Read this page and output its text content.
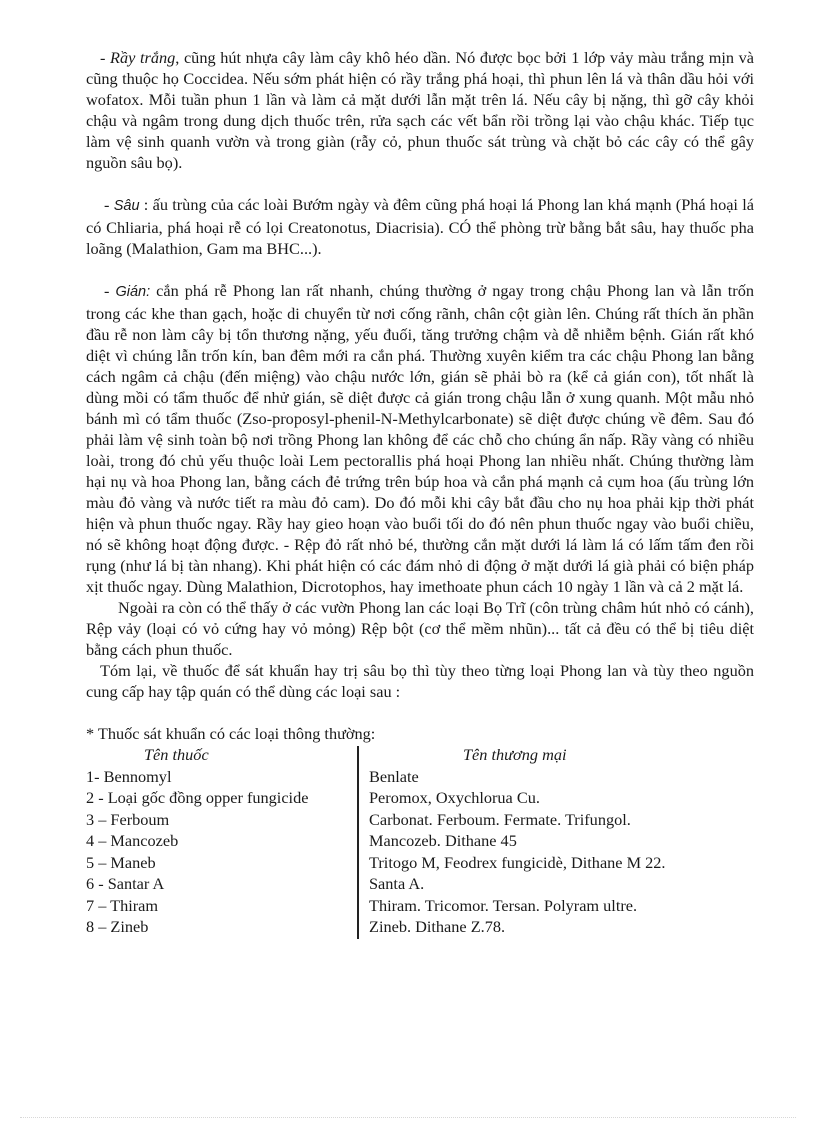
- Rầy trắng, cũng hút nhựa cây làm cây khô héo dần. Nó được bọc bởi 1 lớp vảy màu trắng mịn và cũng thuộc họ Coccidea. Nếu sớm phát hiện có rầy trắng phá hoại, thì phun lên lá và thân dầu hỏi với wofatox. Mỗi tuần phun 1 lần và làm cả mặt dưới lẫn mặt trên lá. Nếu cây bị nặng, thì gỡ cây khỏi chậu và ngâm trong dung dịch thuốc trên, rửa sạch các vết bẩn rồi trồng lại vào chậu khác. Tiếp tục làm vệ sinh quanh vườn và trong giàn (rẫy cỏ, phun thuốc sát trùng và chặt bỏ các cây có thể gây nguồn sâu bọ).

- Sâu : ấu trùng của các loài Bướm ngày và đêm cũng phá hoại lá Phong lan khá mạnh (Phá hoại lá có Chliaria, phá hoại rễ có lọi Creatonotus, Diacrisia). CÓ thể phòng trừ bằng bắt sâu, hay thuốc pha loãng (Malathion, Gam ma BHC...).

- Gián: cắn phá rễ Phong lan rất nhanh, chúng thường ở ngay trong chậu Phong lan và lẫn trốn trong các khe than gạch, hoặc di chuyển từ nơi cống rãnh, chân cột giàn lên. Chúng rất thích ăn phần đầu rễ non làm cây bị tổn thương nặng, yếu đuối, tăng trưởng chậm và dễ nhiễm bệnh. Gián rất khó diệt vì chúng lẫn trốn kín, ban đêm mới ra cắn phá. Thường xuyên kiểm tra các chậu Phong lan bằng cách ngâm cả chậu (đến miệng) vào chậu nước lớn, gián sẽ phải bò ra (kể cả gián con), tốt nhất là dùng mồi có tẩm thuốc để nhử gián, sẽ diệt được cả gián trong chậu lẫn ở xung quanh. Một mẫu nhỏ bánh mì có tẩm thuốc (Zso-proposyl-phenil-N-Methylcarbonate) sẽ diệt được chúng về đêm. Sau đó phải làm vệ sinh toàn bộ nơi trồng Phong lan không để các chỗ cho chúng ẩn nấp. Rầy vàng có nhiều loài, trong đó chủ yếu thuộc loài Lem pectorallis phá hoại Phong lan nhiều nhất. Chúng thường làm hại nụ và hoa Phong lan, bằng cách đẻ trứng trên búp hoa và cắn phá mạnh cả cụm hoa (ấu trùng lớn màu đỏ vàng và nước tiết ra màu đỏ cam). Do đó mỗi khi cây bắt đầu cho nụ hoa phải kịp thời phát hiện và phun thuốc ngay. Rầy hay gieo hoạn vào buổi tối do đó nên phun thuốc ngay vào buổi chiều, nó sẽ không hoạt động được. - Rệp đỏ rất nhỏ bé, thường cắn mặt dưới lá làm lá có lấm tấm đen rồi rụng (như lá bị tàn nhang). Khi phát hiện có các đám nhỏ di động ở mặt dưới lá già phải có biện pháp xịt thuốc ngay. Dùng Malathion, Dicrotophos, hay imethoate phun cách 10 ngày 1 lần và cả 2 mặt lá.

Ngoài ra còn có thể thấy ở các vườn Phong lan các loại Bọ Trĩ (côn trùng châm hút nhỏ có cánh), Rệp vảy (loại có vỏ cứng hay vỏ mỏng) Rệp bột (cơ thể mềm nhũn)... tất cả đều có thể bị tiêu diệt bằng cách phun thuốc.

Tóm lại, về thuốc để sát khuẩn hay trị sâu bọ thì tùy theo từng loại Phong lan và tùy theo nguồn cung cấp hay tập quán có thể dùng các loại sau :

* Thuốc sát khuẩn có các loại thông thường:

Tên thuốc	Tên thương mại
1- Bennomyl	Benlate
2 - Loại gốc đồng opper fungicide	Peromox, Oxychlorua Cu.
3 – Ferboum	Carbonat. Ferboum. Fermate. Trifungol.
4 – Mancozeb	Mancozeb. Dithane 45
5 – Maneb	Tritogo M, Feodrex fungicidè, Dithane M 22.
6 - Santar A	Santa A.
7 – Thiram	Thiram. Tricomor. Tersan. Polyram ultre.
8 – Zineb	Zineb. Dithane Z.78.
